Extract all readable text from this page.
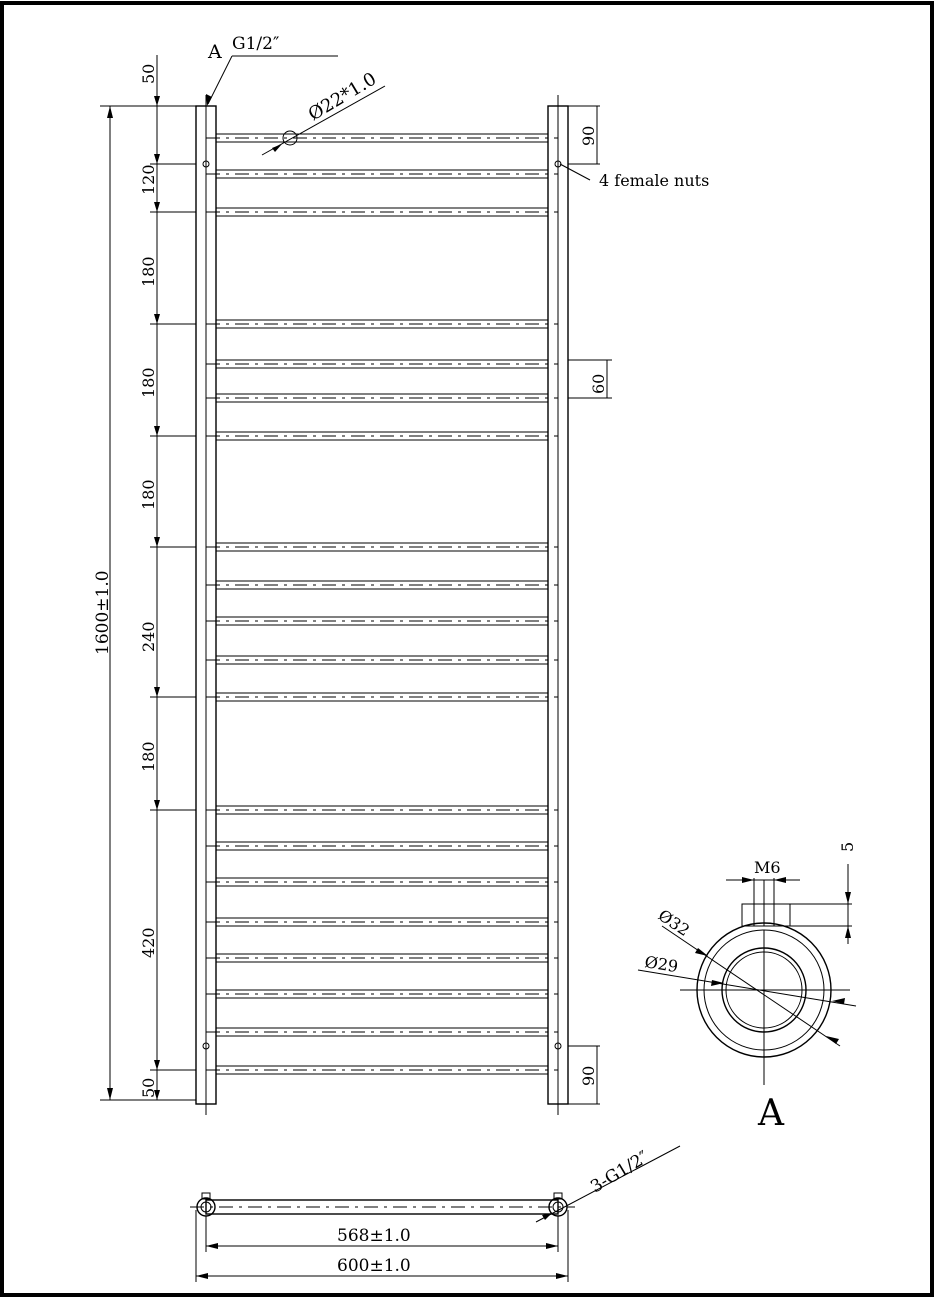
1600±1.0
50
120
180
180
180
240
180
420
50
A G1/2″
Ø22*1.0
90
4 female nuts
60
90
568±1.0
600±1.0
3-G1/2″
M6
5
Ø32
Ø29
A
